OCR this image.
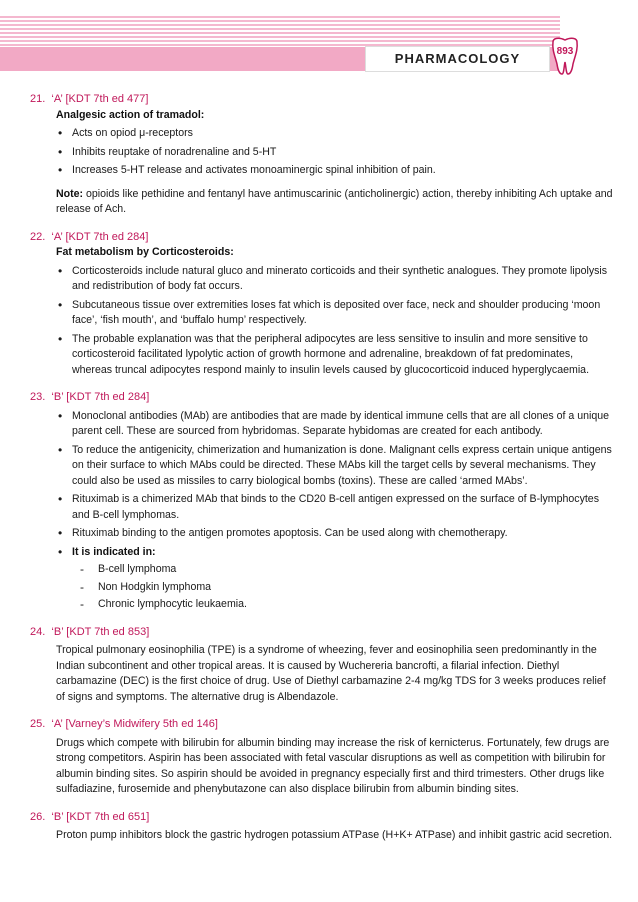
PHARMACOLOGY	893
21. ‘A’ [KDT 7th ed 477]
Analgesic action of tramadol:
• Acts on opiod μ-receptors
• Inhibits reuptake of noradrenaline and 5-HT
• Increases 5-HT release and activates monoaminergic spinal inhibition of pain.

Note: opioids like pethidine and fentanyl have antimuscarinic (anticholinergic) action, thereby inhibiting Ach uptake and release of Ach.

22. ‘A’ [KDT 7th ed 284]
Fat metabolism by Corticosteroids:
• Corticosteroids include natural gluco and minerato corticoids and their synthetic analogues. They promote lipolysis and redistribution of body fat occurs.
• Subcutaneous tissue over extremities loses fat which is deposited over face, neck and shoulder producing ‘moon face’, ‘fish mouth’, and ‘buffalo hump’ respectively.
• The probable explanation was that the peripheral adipocytes are less sensitive to insulin and more sensitive to corticosteroid facilitated lypolytic action of growth hormone and adrenaline, breakdown of fat predominates, whereas truncal adipocytes respond mainly to insulin levels caused by glucocorticoid induced hyperglycaemia.
23. ‘B’ [KDT 7th ed 284]
• Monoclonal antibodies (MAb) are antibodies that are made by identical immune cells that are all clones of a unique parent cell. These are sourced from hybridomas. Separate hybidomas are created for each antibody.
• To reduce the antigenicity, chimerization and humanization is done. Malignant cells express certain unique antigens on their surface to which MAbs could be directed. These MAbs kill the target cells by several mechanisms. They could also be used as missiles to carry biological bombs (toxins). These are called ‘armed MAbs’.
• Rituximab is a chimerized MAb that binds to the CD20 B-cell antigen expressed on the surface of B-lymphocytes and B-cell lymphomas.
• Rituximab binding to the antigen promotes apoptosis. Can be used along with chemotherapy.
• It is indicated in:
- B-cell lymphoma
- Non Hodgkin lymphoma
- Chronic lymphocytic leukaemia.
24. ‘B’ [KDT 7th ed 853]

Tropical pulmonary eosinophilia (TPE) is a syndrome of wheezing, fever and eosinophilia seen predominantly in the Indian subcontinent and other tropical areas. It is caused by Wuchereria bancrofti, a filarial infection. Diethyl carbamazine (DEC) is the first choice of drug. Use of Diethyl carbamazine 2-4 mg/kg TDS for 3 weeks produces relief of signs and symptoms. The alternative drug is Albendazole.

25. ‘A’ [Varney’s Midwifery 5th ed 146]

Drugs which compete with bilirubin for albumin binding may increase the risk of kernicterus. Fortunately, few drugs are strong competitors. Aspirin has been associated with fetal vascular disruptions as well as competition with bilirubin for albumin binding sites. So aspirin should be avoided in pregnancy especially first and third trimesters. Other drugs like sulfadiazine, furosemide and phenybutazone can also displace bilirubin from albumin binding sites.

26. ‘B’ [KDT 7th ed 651]

Proton pump inhibitors block the gastric hydrogen potassium ATPase (H+K+ ATPase) and inhibit gastric acid secretion.
